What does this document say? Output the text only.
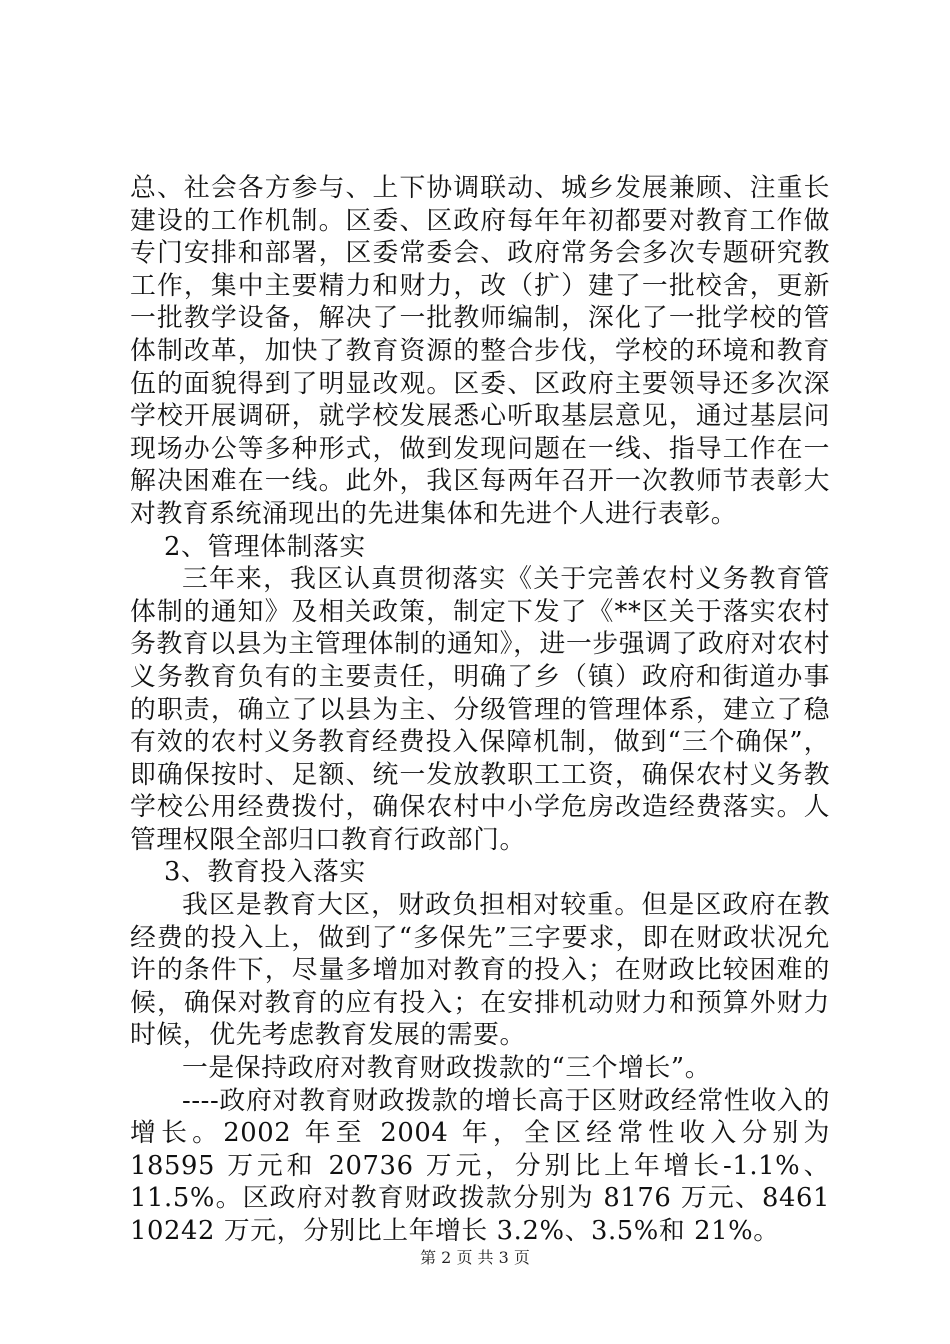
总、社会各方参与、上下协调联动、城乡发展兼顾、注重长
建设的工作机制。区委、区政府每年年初都要对教育工作做
专门安排和部署，区委常委会、政府常务会多次专题研究教
工作，集中主要精力和财力，改（扩）建了一批校舍，更新
一批教学设备，解决了一批教师编制，深化了一批学校的管
体制改革，加快了教育资源的整合步伐，学校的环境和教育
伍的面貌得到了明显改观。区委、区政府主要领导还多次深
学校开展调研，就学校发展悉心听取基层意见，通过基层问
现场办公等多种形式，做到发现问题在一线、指导工作在一
解决困难在一线。此外，我区每两年召开一次教师节表彰大
对教育系统涌现出的先进集体和先进个人进行表彰。
2、管理体制落实
三年来，我区认真贯彻落实《关于完善农村义务教育管
体制的通知》及相关政策，制定下发了《**区关于落实农村
务教育以县为主管理体制的通知》，进一步强调了政府对农村
义务教育负有的主要责任，明确了乡（镇）政府和街道办事
的职责，确立了以县为主、分级管理的管理体系，建立了稳
有效的农村义务教育经费投入保障机制，做到“三个确保”，
即确保按时、足额、统一发放教职工工资，确保农村义务教
学校公用经费拨付，确保农村中小学危房改造经费落实。人
管理权限全部归口教育行政部门。
3、教育投入落实
我区是教育大区，财政负担相对较重。但是区政府在教
经费的投入上，做到了“多保先”三字要求，即在财政状况允
许的条件下，尽量多增加对教育的投入；在财政比较困难的
候，确保对教育的应有投入；在安排机动财力和预算外财力
时候，优先考虑教育发展的需要。
一是保持政府对教育财政拨款的“三个增长”。
----政府对教育财政拨款的增长高于区财政经常性收入的
增长。2002 年至 2004 年，全区经常性收入分别为
18595 万元和 20736 万元，分别比上年增长-1.1%、
11.5%。区政府对教育财政拨款分别为 8176 万元、8461
10242 万元，分别比上年增长 3.2%、3.5%和 21%。
第 2 页 共 3 页
